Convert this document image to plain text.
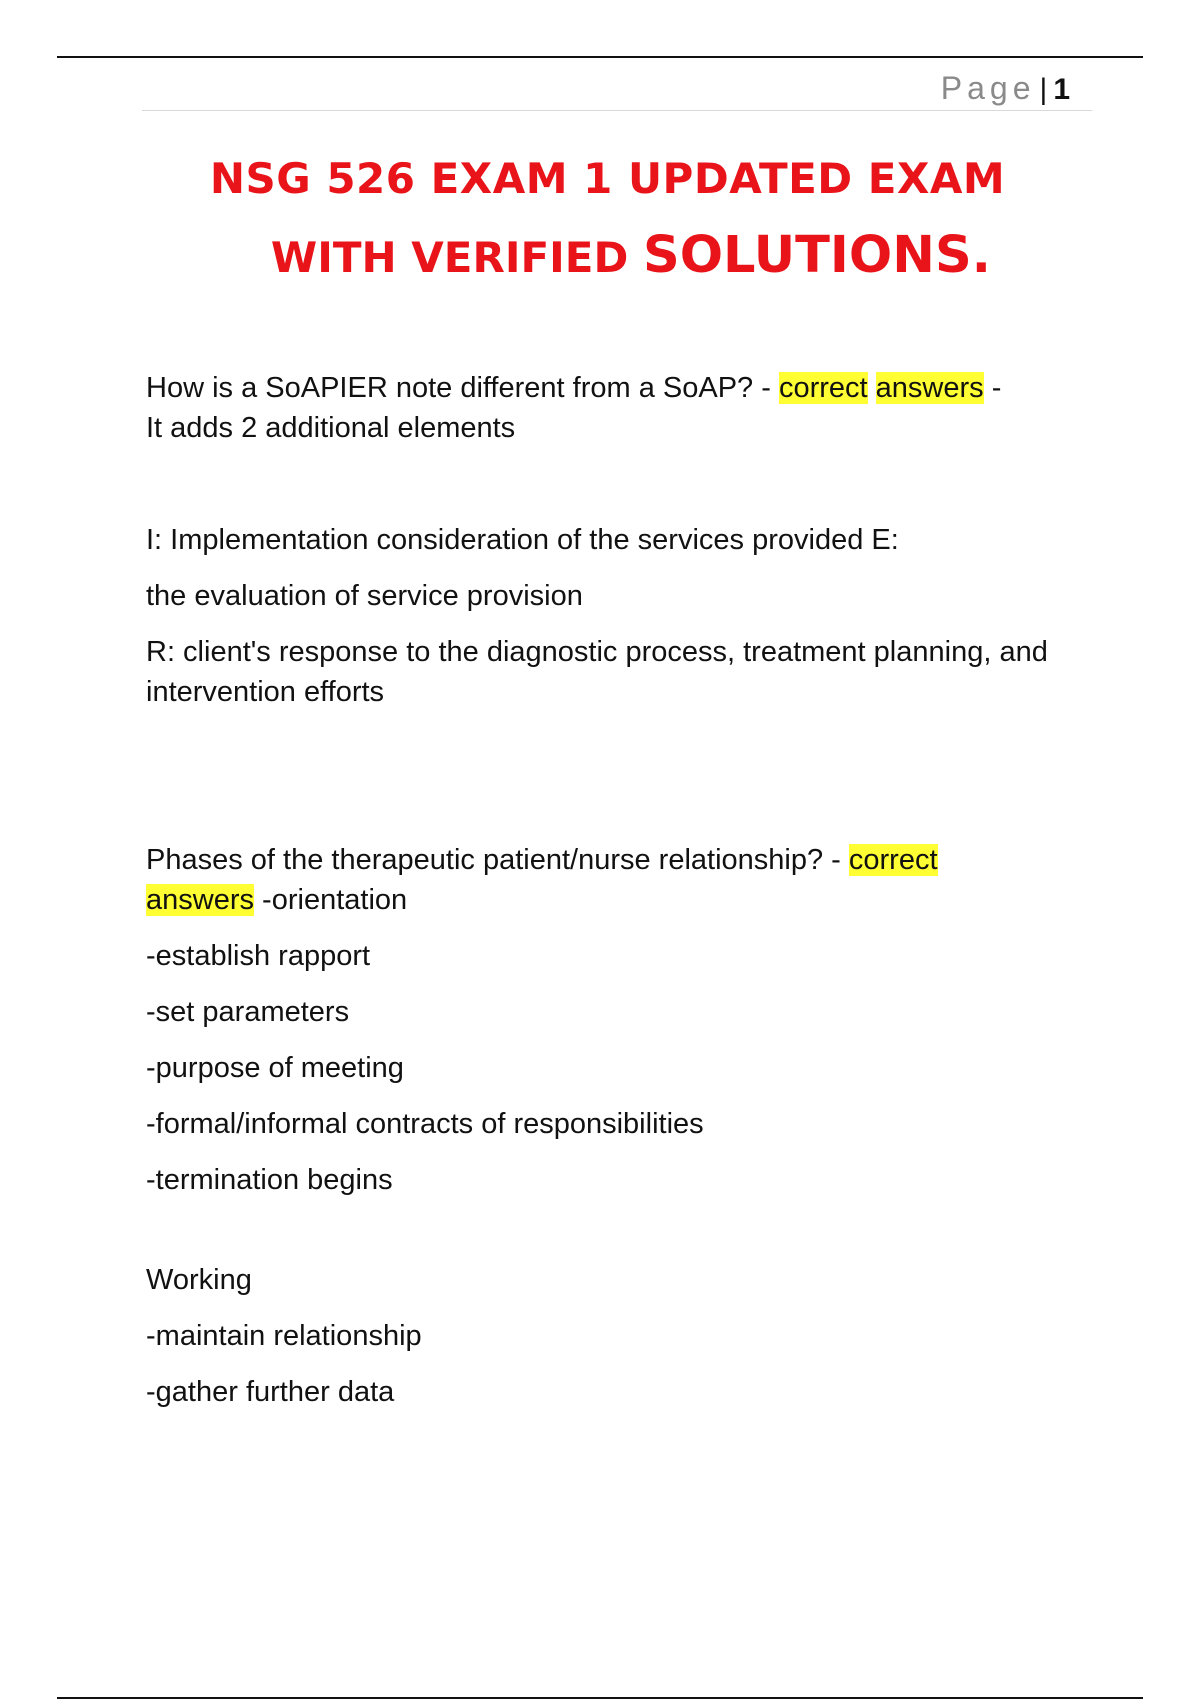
Page | 1
NSG 526 EXAM 1 UPDATED EXAM
WITH VERIFIED SOLUTIONS.

How is a SoAPIER note different from a SoAP? - correct answers -

It adds 2 additional elements

I: Implementation consideration of the services provided E:

the evaluation of service provision

R: client's response to the diagnostic process, treatment planning, and intervention efforts

Phases of the therapeutic patient/nurse relationship? - correct
answers -orientation

-establish rapport

-set parameters

-purpose of meeting

-formal/informal contracts of responsibilities

-termination begins

Working

-maintain relationship

-gather further data
